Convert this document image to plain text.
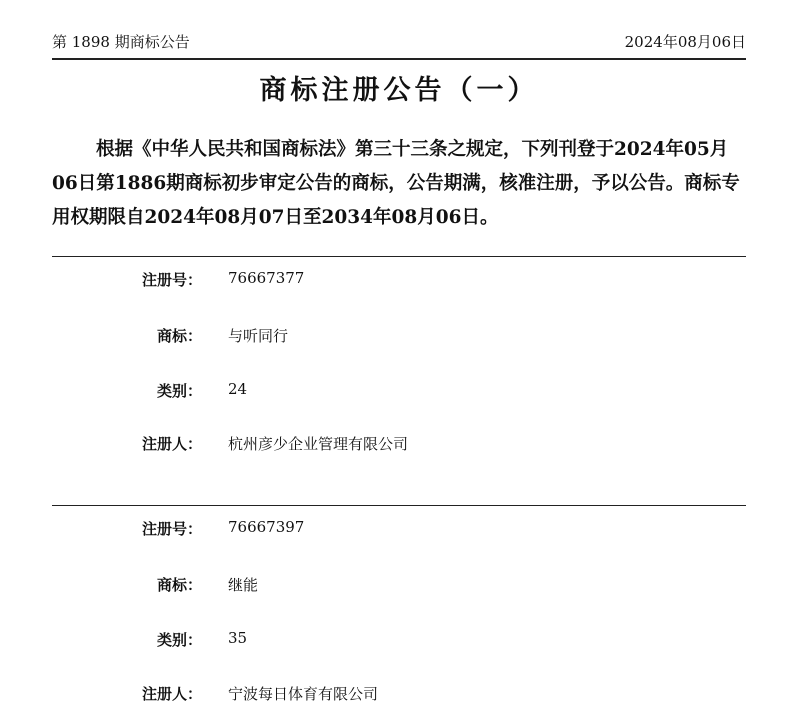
第 1898 期商标公告	2024年08月06日
商标注册公告（一）

根据《中华人民共和国商标法》第三十三条之规定，下列刊登于2024年05月06日第1886期商标初步审定公告的商标，公告期满，核准注册，予以公告。商标专用权期限自2024年08月07日至2034年08月06日。

注册号： 76667377
商标： 与听同行
类别： 24
注册人： 杭州彦少企业管理有限公司
注册号： 76667397
商标： 继能
类别： 35
注册人： 宁波每日体育有限公司
